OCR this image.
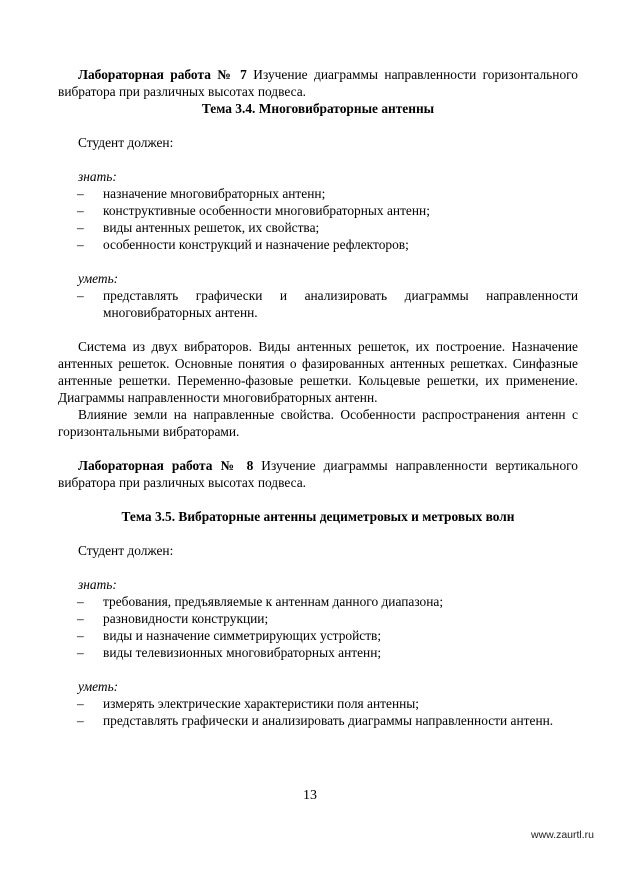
Лабораторная работа № 7 Изучение диаграммы направленности горизонтального вибратора при различных высотах подвеса.

Тема 3.4. Многовибраторные антенны

Студент должен:

знать:
– назначение многовибраторных антенн;
– конструктивные особенности многовибраторных антенн;
– виды антенных решеток, их свойства;
– особенности конструкций и назначение рефлекторов;
уметь:
– представлять графически и анализировать диаграммы направленности многовибраторных антенн.

Система из двух вибраторов. Виды антенных решеток, их построение. Назначение антенных решеток. Основные понятия о фазированных антенных решетках. Синфазные антенные решетки. Переменно-фазовые решетки. Кольцевые решетки, их применение. Диаграммы направленности многовибраторных антенн.

Влияние земли на направленные свойства. Особенности распространения антенн с горизонтальными вибраторами.

Лабораторная работа № 8 Изучение диаграммы направленности вертикального вибратора при различных высотах подвеса.

Тема 3.5. Вибраторные антенны дециметровых и метровых волн

Студент должен:

знать:
– требования, предъявляемые к антеннам данного диапазона;
– разновидности конструкции;
– виды и назначение симметрирующих устройств;
– виды телевизионных многовибраторных антенн;
уметь:
– измерять электрические характеристики поля антенны;
– представлять графически и анализировать диаграммы направленности антенн.
13
www.zaurtl.ru
